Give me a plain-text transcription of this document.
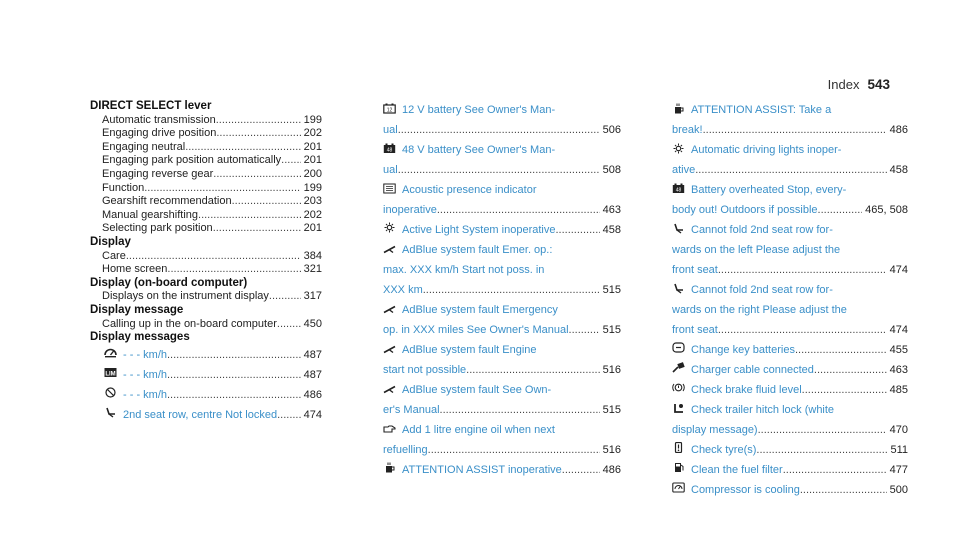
Index 543
DIRECT SELECT lever
Automatic transmission .....	199
Engaging drive position .....	202
Engaging neutral .....	201
Engaging park position automatically ..... 201
Engaging reverse gear .....	200
Function .....	199
Gearshift recommendation .....	203
Manual gearshifting .....	202
Selecting park position .....	201
Display
Care .....	384
Home screen .....	321
Display (on-board computer)
Displays on the instrument display .....	317
Display message
Calling up in the on-board computer ..... 450
Display messages
- - - km/h .....	487
LIM - - - km/h .....	487
- - - km/h .....	486
2nd seat row, centre Not locked ..... 474
12 12 V battery See Owner's Man-
ual .....	506
48 48 V battery See Owner's Man-
ual .....	508
Acoustic presence indicator
inoperative .....	463
Active Light System inoperative .....	458
AdBlue system fault Emer. op.:
max. XXX km/h Start not poss. in
XXX km .....	515
AdBlue system fault Emergency
op. in XXX miles See Owner's Manual .....	515
AdBlue system fault Engine
start not possible .....	516
AdBlue system fault See Own-
er's Manual .....	515
Add 1 litre engine oil when next
refuelling .....	516
ATTENTION ASSIST inoperative .....	486
ATTENTION ASSIST: Take a
break! .....	486
Automatic driving lights inoper-
ative .....	458
48 Battery overheated Stop, every-
body out! Outdoors if possible .....	465, 508
Cannot fold 2nd seat row for-
wards on the left Please adjust the
front seat .....	474
Cannot fold 2nd seat row for-
wards on the right Please adjust the
front seat .....	474
Change key batteries .....	455
Charger cable connected .....	463
Check brake fluid level .....	485
Check trailer hitch lock (white
display message) .....	470
Check tyre(s) .....	511
Clean the fuel filter .....	477
Compressor is cooling .....	500
